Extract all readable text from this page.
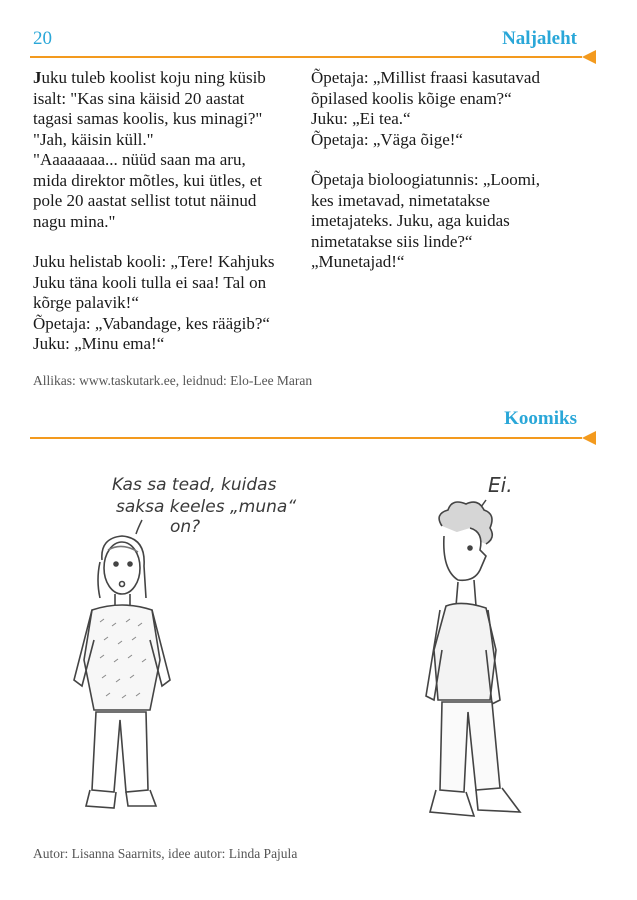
20	Naljaleht

Juku tuleb koolist koju ning küsib

isalt: "Kas sina käisid 20 aastat

tagasi samas koolis, kus minagi?"

"Jah, käisin küll."

"Aaaaaaaa... nüüd saan ma aru,

mida direktor mõtles, kui ütles, et

pole 20 aastat sellist totut näinud

nagu mina."

Juku helistab kooli: „Tere! Kahjuks

Juku täna kooli tulla ei saa! Tal on

kõrge palavik!“

Õpetaja: „Vabandage, kes räägib?“

Juku: „Minu ema!“

Õpetaja: „Millist fraasi kasutavad

õpilased koolis kõige enam?“

Juku: „Ei tea.“

Õpetaja: „Väga õige!“

Õpetaja bioloogiatunnis: „Loomi,

kes imetavad, nimetatakse

imetajateks. Juku, aga kuidas

nimetatakse siis linde?“

„Munetajad!“

Allikas: www.taskutark.ee, leidnud: Elo-Lee Maran
Koomiks
Kas sa tead, kuidas
saksa keeles „muna“
on?
Ei.
Autor: Lisanna Saarnits, idee autor: Linda Pajula
